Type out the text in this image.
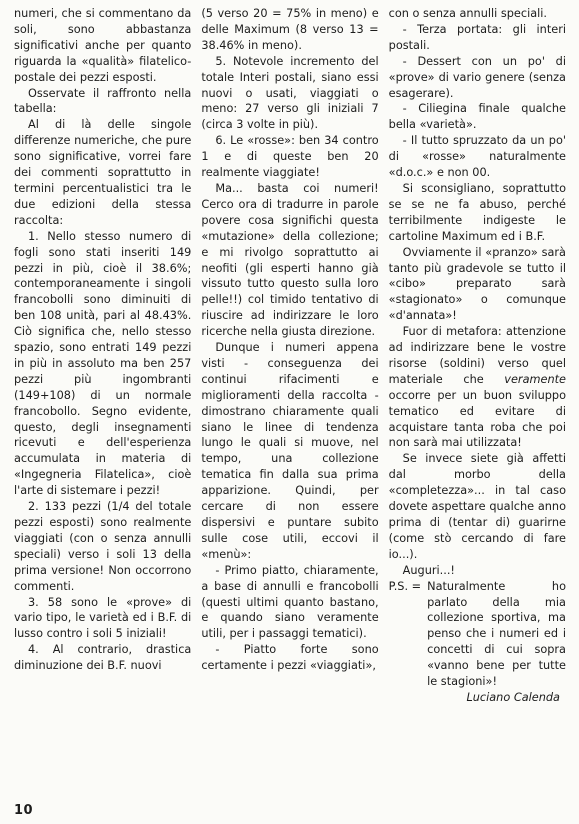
numeri, che si commentano da soli, sono abbastanza significativi anche per quanto riguarda la «qualità» filatelico-postale dei pezzi esposti.

Osservate il raffronto nella tabella:

Al di là delle singole differenze numeriche, che pure sono significative, vorrei fare dei commenti soprattutto in termini percentualistici tra le due edizioni della stessa raccolta:

1. Nello stesso numero di fogli sono stati inseriti 149 pezzi in più, cioè il 38.6%; contemporaneamente i singoli francobolli sono diminuiti di ben 108 unità, pari al 48.43%. Ciò significa che, nello stesso spazio, sono entrati 149 pezzi in più in assoluto ma ben 257 pezzi più ingombranti (149+108) di un normale francobollo. Segno evidente, questo, degli insegnamenti ricevuti e dell'esperienza accumulata in materia di «Ingegneria Filatelica», cioè l'arte di sistemare i pezzi!

2. 133 pezzi (1/4 del totale pezzi esposti) sono realmente viaggiati (con o senza annulli speciali) verso i soli 13 della prima versione! Non occorrono commenti.

3. 58 sono le «prove» di vario tipo, le varietà ed i B.F. di lusso contro i soli 5 iniziali!

4. Al contrario, drastica diminuzione dei B.F. nuovi

(5 verso 20 = 75% in meno) e delle Maximum (8 verso 13 = 38.46% in meno).

5. Notevole incremento del totale Interi postali, siano essi nuovi o usati, viaggiati o meno: 27 verso gli iniziali 7 (circa 3 volte in più).

6. Le «rosse»: ben 34 contro 1 e di queste ben 20 realmente viaggiate!

Ma... basta coi numeri! Cerco ora di tradurre in parole povere cosa significhi questa «mutazione» della collezione; e mi rivolgo soprattutto ai neofiti (gli esperti hanno già vissuto tutto questo sulla loro pelle!!) col timido tentativo di riuscire ad indirizzare le loro ricerche nella giusta direzione.

Dunque i numeri appena visti - conseguenza dei continui rifacimenti e miglioramenti della raccolta - dimostrano chiaramente quali siano le linee di tendenza lungo le quali si muove, nel tempo, una collezione tematica fin dalla sua prima apparizione. Quindi, per cercare di non essere dispersivi e puntare subito sulle cose utili, eccovi il «menù»:

- Primo piatto, chiaramente, a base di annulli e francobolli (questi ultimi quanto bastano, e quando siano veramente utili, per i passaggi tematici).

- Piatto forte sono certamente i pezzi «viaggiati»,

con o senza annulli speciali.

- Terza portata: gli interi postali.

- Dessert con un po' di «prove» di vario genere (senza esagerare).

- Ciliegina finale qualche bella «varietà».

- Il tutto spruzzato da un po' di «rosse» naturalmente «d.o.c.» e non 00.

Si sconsigliano, soprattutto se se ne fa abuso, perché terribilmente indigeste le cartoline Maximum ed i B.F.

Ovviamente il «pranzo» sarà tanto più gradevole se tutto il «cibo» preparato sarà «stagionato» o comunque «d'annata»!

Fuor di metafora: attenzione ad indirizzare bene le vostre risorse (soldini) verso quel materiale che veramente occorre per un buon sviluppo tematico ed evitare di acquistare tanta roba che poi non sarà mai utilizzata!

Se invece siete già affetti dal morbo della «completezza»... in tal caso dovete aspettare qualche anno prima di (tentar di) guarirne (come stò cercando di fare io...).

Auguri...!

P.S. = Naturalmente ho parlato della mia collezione sportiva, ma penso che i numeri ed i concetti di cui sopra «vanno bene per tutte le stagioni»!

Luciano Calenda

10
